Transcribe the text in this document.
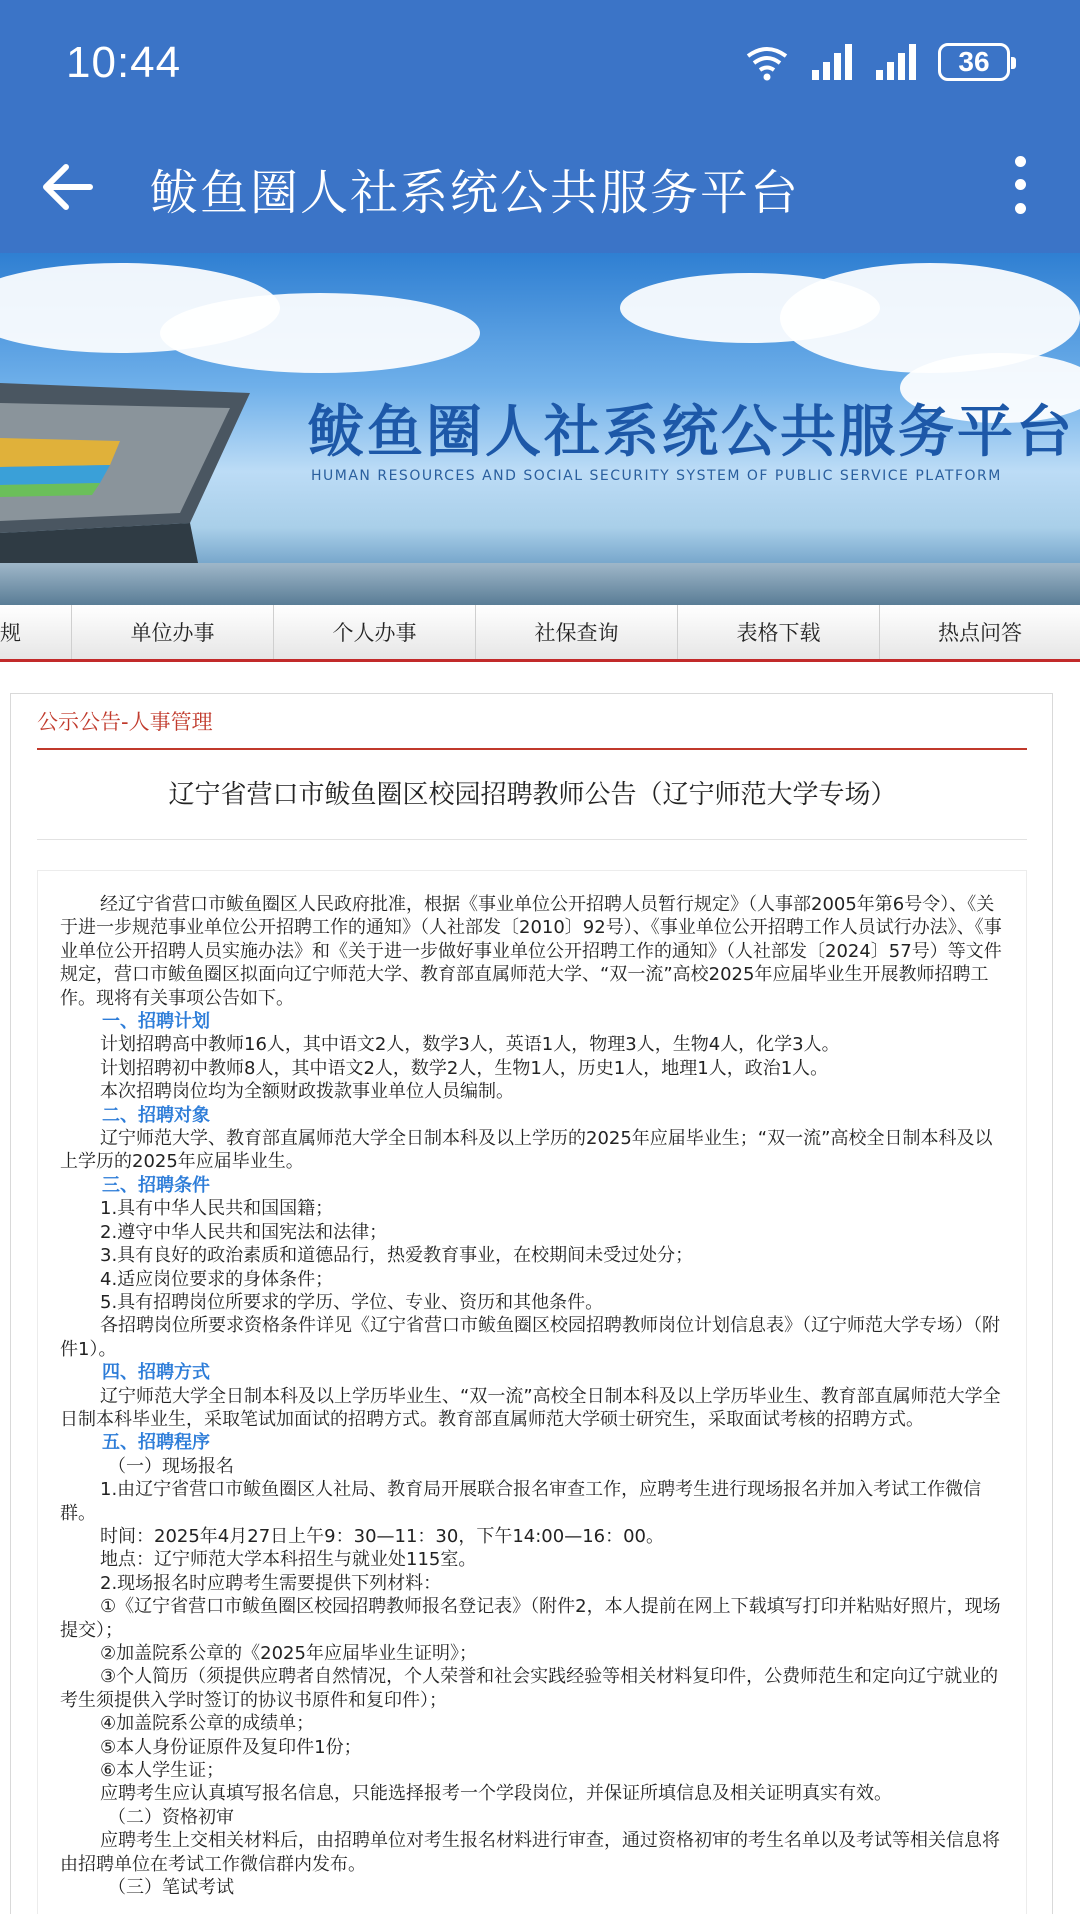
10:44	36
鲅鱼圈人社系统公共服务平台
鲅鱼圈人社系统公共服务平台
HUMAN RESOURCES AND SOCIAL SECURITY SYSTEM OF PUBLIC SERVICE PLATFORM
规	单位办事	个人办事	社保查询	表格下载	热点问答
公示公告-人事管理
辽宁省营口市鲅鱼圈区校园招聘教师公告（辽宁师范大学专场）

经辽宁省营口市鲅鱼圈区人民政府批准，根据《事业单位公开招聘人员暂行规定》（人事部2005年第6号令）、《关于进一步规范事业单位公开招聘工作的通知》（人社部发〔2010〕92号）、《事业单位公开招聘工作人员试行办法》、《事业单位公开招聘人员实施办法》和《关于进一步做好事业单位公开招聘工作的通知》（人社部发〔2024〕57号）等文件规定，营口市鲅鱼圈区拟面向辽宁师范大学、教育部直属师范大学、“双一流”高校2025年应届毕业生开展教师招聘工作。现将有关事项公告如下。

一、招聘计划

计划招聘高中教师16人，其中语文2人，数学3人，英语1人，物理3人，生物4人，化学3人。

计划招聘初中教师8人，其中语文2人，数学2人，生物1人，历史1人，地理1人，政治1人。

本次招聘岗位均为全额财政拨款事业单位人员编制。

二、招聘对象

辽宁师范大学、教育部直属师范大学全日制本科及以上学历的2025年应届毕业生；“双一流”高校全日制本科及以上学历的2025年应届毕业生。

三、招聘条件

1.具有中华人民共和国国籍；

2.遵守中华人民共和国宪法和法律；

3.具有良好的政治素质和道德品行，热爱教育事业，在校期间未受过处分；

4.适应岗位要求的身体条件；

5.具有招聘岗位所要求的学历、学位、专业、资历和其他条件。

各招聘岗位所要求资格条件详见《辽宁省营口市鲅鱼圈区校园招聘教师岗位计划信息表》（辽宁师范大学专场）（附件1）。

四、招聘方式

辽宁师范大学全日制本科及以上学历毕业生、“双一流”高校全日制本科及以上学历毕业生、教育部直属师范大学全日制本科毕业生，采取笔试加面试的招聘方式。教育部直属师范大学硕士研究生，采取面试考核的招聘方式。

五、招聘程序

（一）现场报名

1.由辽宁省营口市鲅鱼圈区人社局、教育局开展联合报名审查工作，应聘考生进行现场报名并加入考试工作微信群。

时间：2025年4月27日上午9：30—11：30，下午14:00—16：00。

地点：辽宁师范大学本科招生与就业处115室。

2.现场报名时应聘考生需要提供下列材料：

①《辽宁省营口市鲅鱼圈区校园招聘教师报名登记表》（附件2，本人提前在网上下载填写打印并粘贴好照片，现场提交）；

②加盖院系公章的《2025年应届毕业生证明》；

③个人简历（须提供应聘者自然情况，个人荣誉和社会实践经验等相关材料复印件，公费师范生和定向辽宁就业的考生须提供入学时签订的协议书原件和复印件）；

④加盖院系公章的成绩单；

⑤本人身份证原件及复印件1份；

⑥本人学生证；

应聘考生应认真填写报名信息，只能选择报考一个学段岗位，并保证所填信息及相关证明真实有效。

（二）资格初审

应聘考生上交相关材料后，由招聘单位对考生报名材料进行审查，通过资格初审的考生名单以及考试等相关信息将由招聘单位在考试工作微信群内发布。

（三）笔试考试
